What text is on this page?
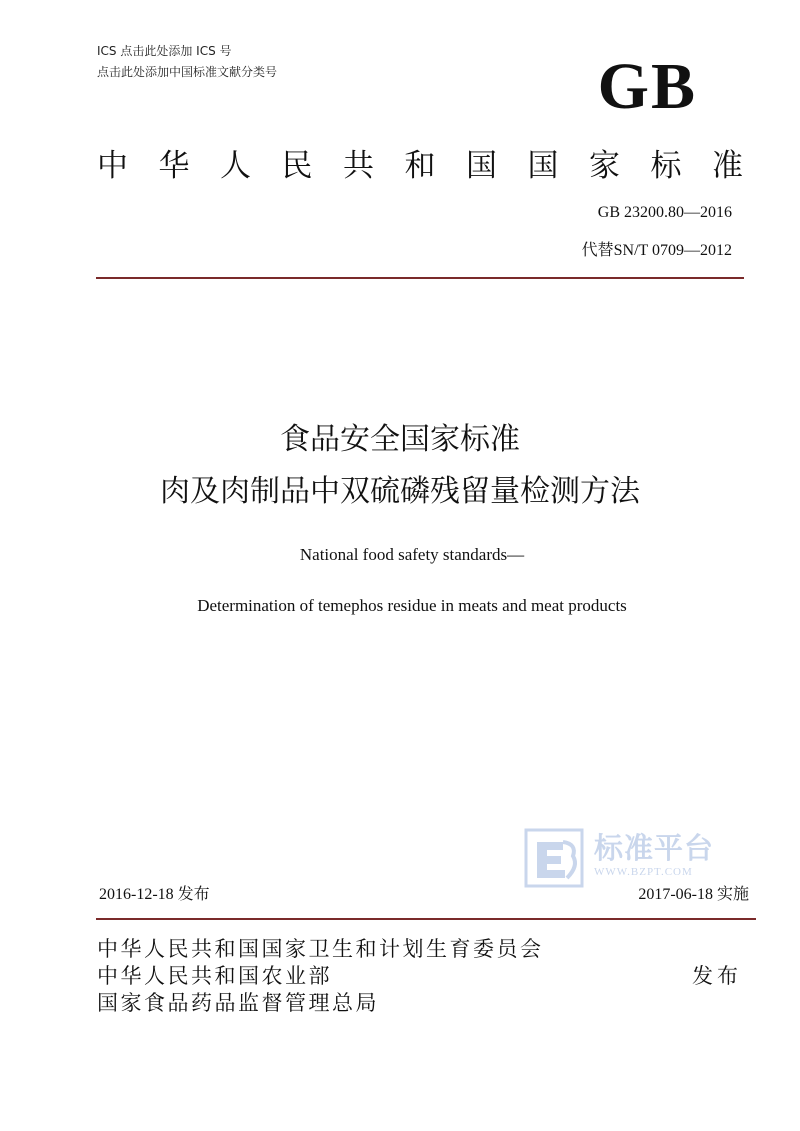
ICS 点击此处添加 ICS 号
点击此处添加中国标准文献分类号	GB
中 华 人 民 共 和 国 国 家 标 准
GB 23200.80—2016
代替SN/T 0709—2012
食品安全国家标准
肉及肉制品中双硫磷残留量检测方法
National food safety standards—
Determination of temephos residue in meats and meat products
标准平台
WWW.BZPT.COM
2016-12-18 发布	2017-06-18 实施
中华人民共和国国家卫生和计划生育委员会
中华人民共和国农业部
国家食品药品监督管理总局
发布
